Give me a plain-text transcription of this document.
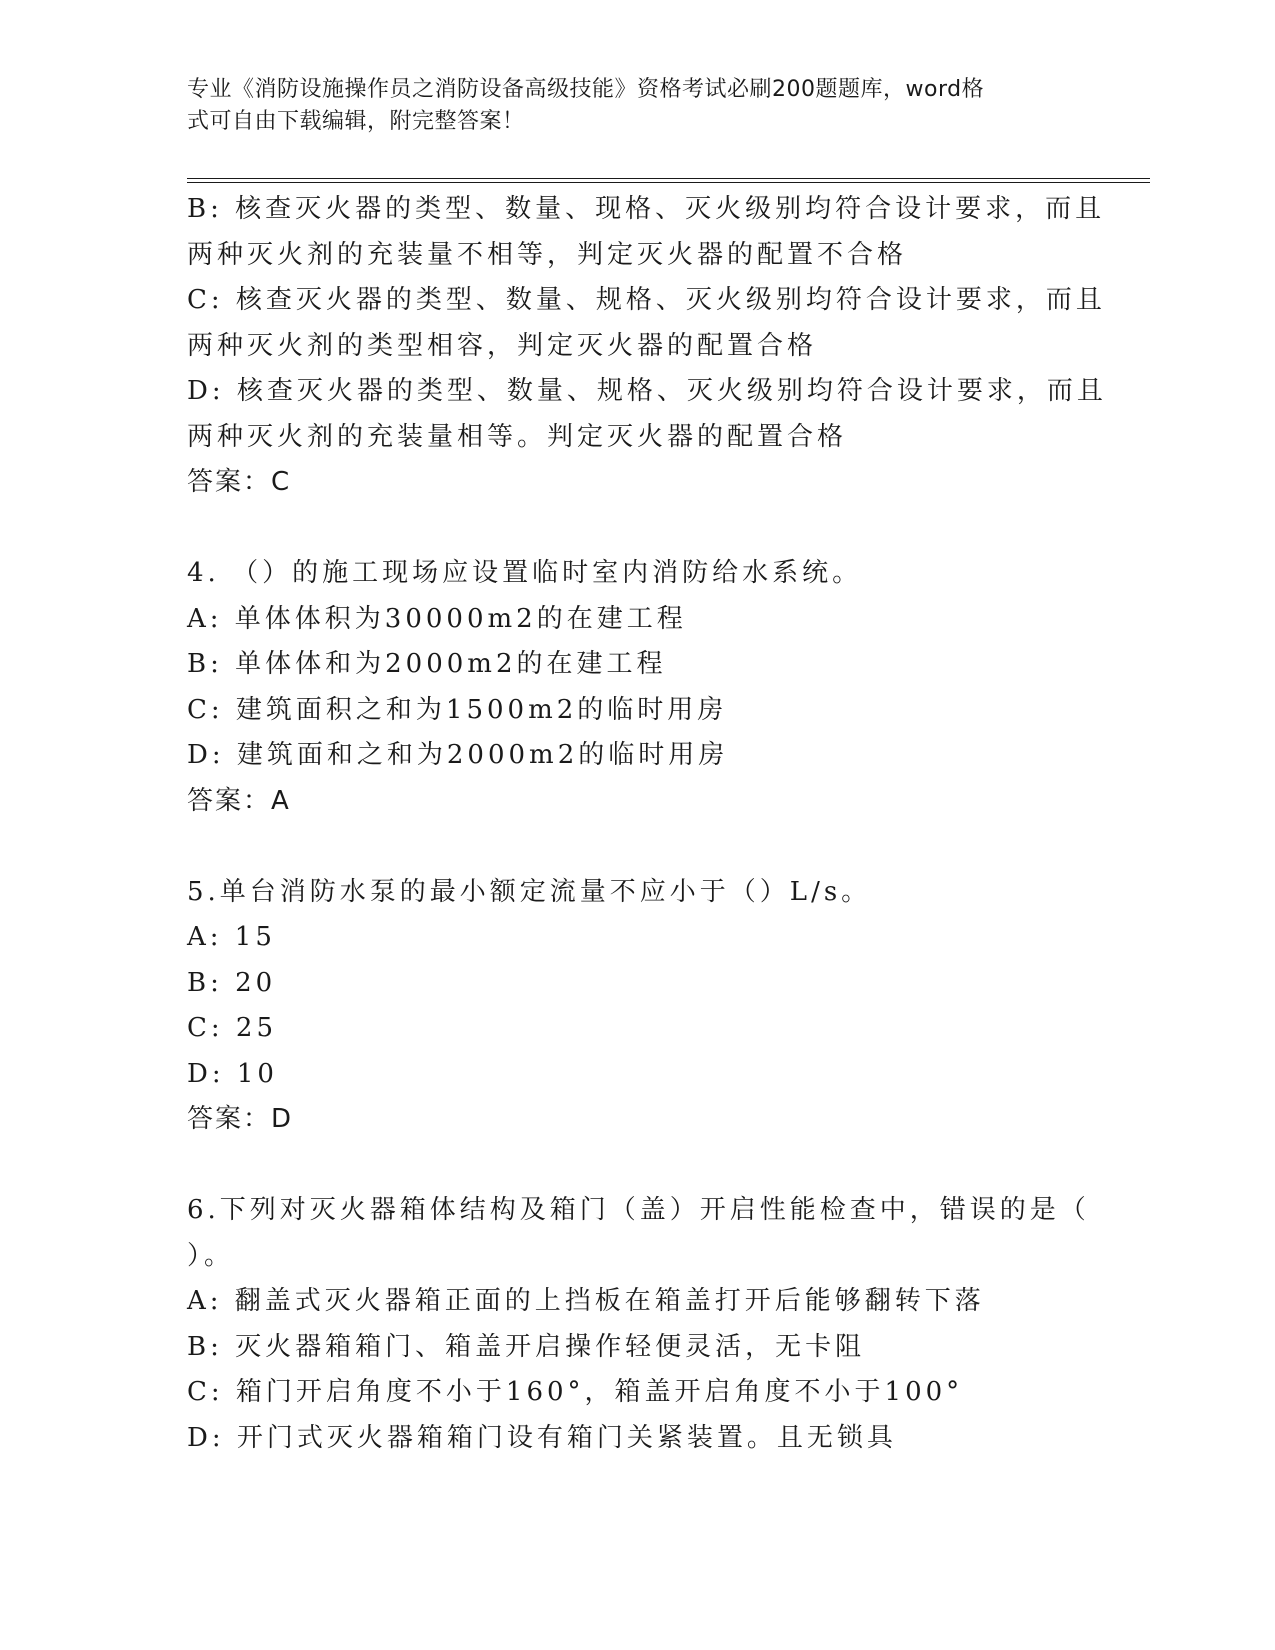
专业《消防设施操作员之消防设备高级技能》资格考试必刷200题题库，word格
式可自由下载编辑，附完整答案！
B: 核查灭火器的类型、数量、现格、灭火级别均符合设计要求，而且
两种灭火剂的充装量不相等，判定灭火器的配置不合格
C: 核查灭火器的类型、数量、规格、灭火级别均符合设计要求，而且
两种灭火剂的类型相容，判定灭火器的配置合格
D: 核查灭火器的类型、数量、规格、灭火级别均符合设计要求，而且
两种灭火剂的充装量相等。判定灭火器的配置合格
答案：C
4. （）的施工现场应设置临时室内消防给水系统。
A: 单体体积为30000m2的在建工程
B: 单体体和为2000m2的在建工程
C: 建筑面积之和为1500m2的临时用房
D: 建筑面和之和为2000m2的临时用房
答案：A
5.单台消防水泵的最小额定流量不应小于（）L/s。
A: 15
B: 20
C: 25
D: 10
答案：D
6.下列对灭火器箱体结构及箱门（盖）开启性能检查中，错误的是（
）。
A: 翻盖式灭火器箱正面的上挡板在箱盖打开后能够翻转下落
B: 灭火器箱箱门、箱盖开启操作轻便灵活，无卡阻
C: 箱门开启角度不小于160°，箱盖开启角度不小于100°
D: 开门式灭火器箱箱门设有箱门关紧装置。且无锁具
